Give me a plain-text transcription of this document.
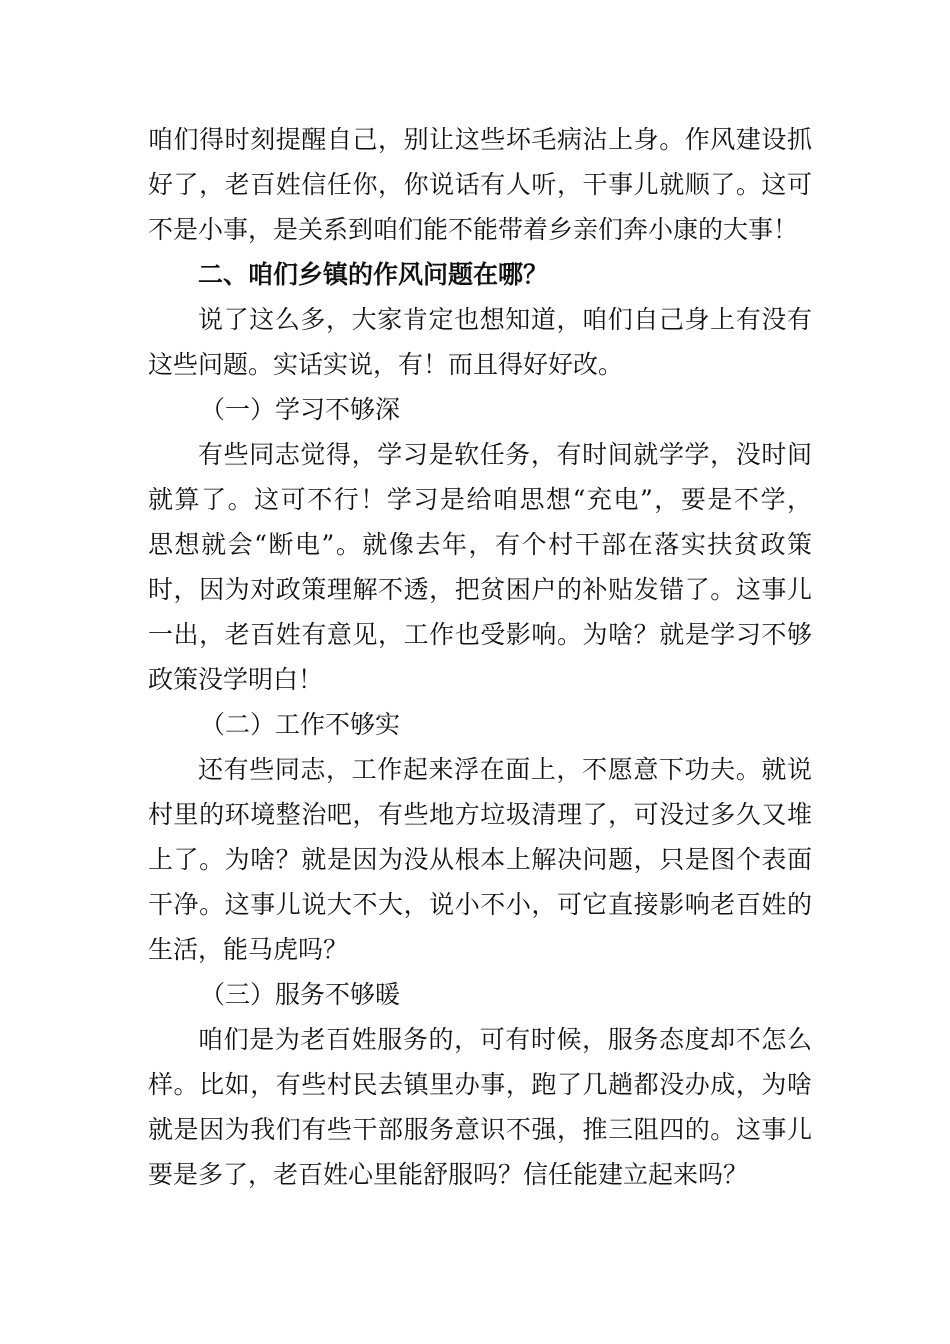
咱们得时刻提醒自己，别让这些坏毛病沾上身。作风建设抓
好了，老百姓信任你，你说话有人听，干事儿就顺了。这可
不是小事，是关系到咱们能不能带着乡亲们奔小康的大事！
二、咱们乡镇的作风问题在哪？
说了这么多，大家肯定也想知道，咱们自己身上有没有
这些问题。实话实说，有！而且得好好改。
（一）学习不够深
有些同志觉得，学习是软任务，有时间就学学，没时间
就算了。这可不行！学习是给咱思想“充电”，要是不学，
思想就会“断电”。就像去年，有个村干部在落实扶贫政策
时，因为对政策理解不透，把贫困户的补贴发错了。这事儿
一出，老百姓有意见，工作也受影响。为啥？就是学习不够
政策没学明白！
（二）工作不够实
还有些同志，工作起来浮在面上，不愿意下功夫。就说
村里的环境整治吧，有些地方垃圾清理了，可没过多久又堆
上了。为啥？就是因为没从根本上解决问题，只是图个表面
干净。这事儿说大不大，说小不小，可它直接影响老百姓的
生活，能马虎吗？
（三）服务不够暖
咱们是为老百姓服务的，可有时候，服务态度却不怎么
样。比如，有些村民去镇里办事，跑了几趟都没办成，为啥
就是因为我们有些干部服务意识不强，推三阻四的。这事儿
要是多了，老百姓心里能舒服吗？信任能建立起来吗？
